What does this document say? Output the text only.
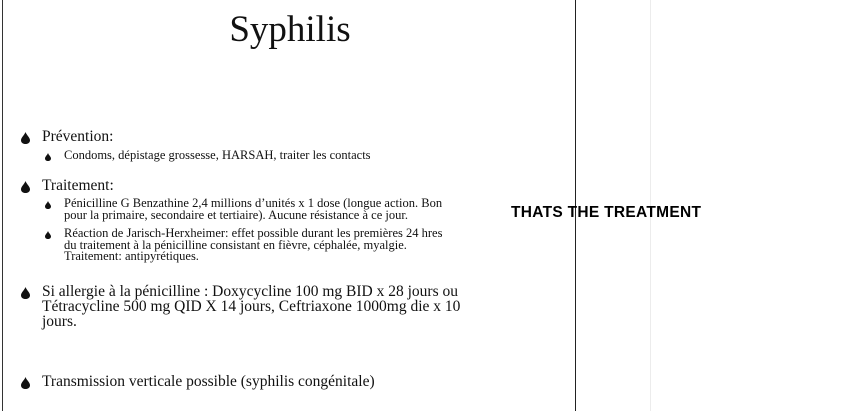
Syphilis
Prévention:
Condoms, dépistage grossesse, HARSAH, traiter les contacts
Traitement:
Pénicilline G Benzathine 2,4 millions d’unités x 1 dose (longue action. Bon
pour la primaire, secondaire et tertiaire). Aucune résistance à ce jour.
Réaction de Jarisch-Herxheimer: effet possible durant les premières 24 hres
du traitement à la pénicilline consistant en fièvre, céphalée, myalgie.
Traitement: antipyrétiques.
Si allergie à la pénicilline : Doxycycline 100 mg BID x 28 jours ou
Tétracycline 500 mg QID X 14 jours, Ceftriaxone 1000mg die x 10
jours.
Transmission verticale possible (syphilis congénitale)
THATS THE TREATMENT
